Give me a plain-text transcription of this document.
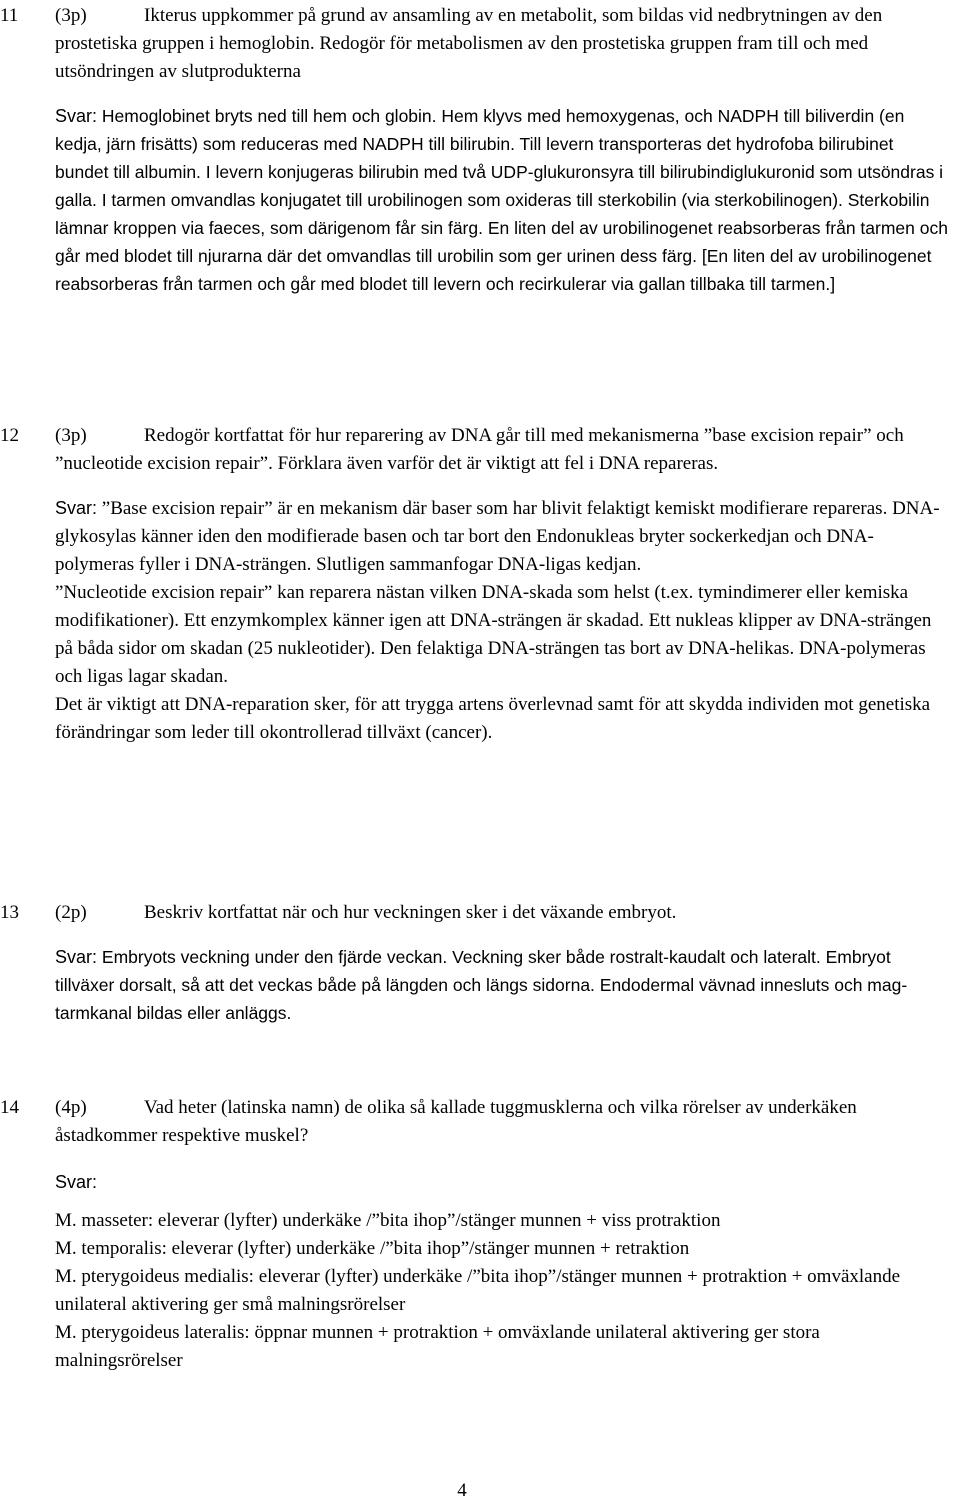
11 (3p)	Ikterus uppkommer på grund av ansamling av en metabolit, som bildas vid nedbrytningen av den prostetiska gruppen i hemoglobin. Redogör för metabolismen av den prostetiska gruppen fram till och med utsöndringen av slutprodukterna

Svar: Hemoglobinet bryts ned till hem och globin. Hem klyvs med hemoxygenas, och NADPH till biliverdin (en kedja, järn frisätts) som reduceras med NADPH till bilirubin. Till levern transporteras det hydrofoba bilirubinet bundet till albumin. I levern konjugeras bilirubin med två UDP-glukuronsyra till bilirubindiglukuronid som utsöndras i galla. I tarmen omvandlas konjugatet till urobilinogen som oxideras till sterkobilin (via sterkobilinogen). Sterkobilin lämnar kroppen via faeces, som därigenom får sin färg. En liten del av urobilinogenet reabsorberas från tarmen och går med blodet till njurarna där det omvandlas till urobilin som ger urinen dess färg. [En liten del av urobilinogenet reabsorberas från tarmen och går med blodet till levern och recirkulerar via gallan tillbaka till tarmen.]

12 (3p)	Redogör kortfattat för hur reparering av DNA går till med mekanismerna ”base excision repair” och ”nucleotide excision repair”. Förklara även varför det är viktigt att fel i DNA repareras.

Svar: ”Base excision repair” är en mekanism där baser som har blivit felaktigt kemiskt modifierare repareras. DNA-glykosylas känner iden den modifierade basen och tar bort den Endonukleas bryter sockerkedjan och DNA-polymeras fyller i DNA-strängen. Slutligen sammanfogar DNA-ligas kedjan.

”Nucleotide excision repair” kan reparera nästan vilken DNA-skada som helst (t.ex. tymindimerer eller kemiska modifikationer). Ett enzymkomplex känner igen att DNA-strängen är skadad. Ett nukleas klipper av DNA-strängen på båda sidor om skadan (25 nukleotider). Den felaktiga DNA-strängen tas bort av DNA-helikas. DNA-polymeras och ligas lagar skadan.

Det är viktigt att DNA-reparation sker, för att trygga artens överlevnad samt för att skydda individen mot genetiska förändringar som leder till okontrollerad tillväxt (cancer).

13 (2p)	Beskriv kortfattat när och hur veckningen sker i det växande embryot.

Svar: Embryots veckning under den fjärde veckan. Veckning sker både rostralt-kaudalt och lateralt. Embryot tillväxer dorsalt, så att det veckas både på längden och längs sidorna. Endodermal vävnad innesluts och mag-tarmkanal bildas eller anläggs.

14 (4p)	Vad heter (latinska namn) de olika så kallade tuggmusklerna och vilka rörelser av underkäken åstadkommer respektive muskel?

Svar:

M. masseter: eleverar (lyfter) underkäke /”bita ihop”/stänger munnen + viss protraktion

M. temporalis: eleverar (lyfter) underkäke /”bita ihop”/stänger munnen + retraktion

M. pterygoideus medialis: eleverar (lyfter) underkäke /”bita ihop”/stänger munnen + protraktion + omväxlande unilateral aktivering ger små malningsrörelser

M. pterygoideus lateralis: öppnar munnen + protraktion + omväxlande unilateral aktivering ger stora malningsrörelser

4
